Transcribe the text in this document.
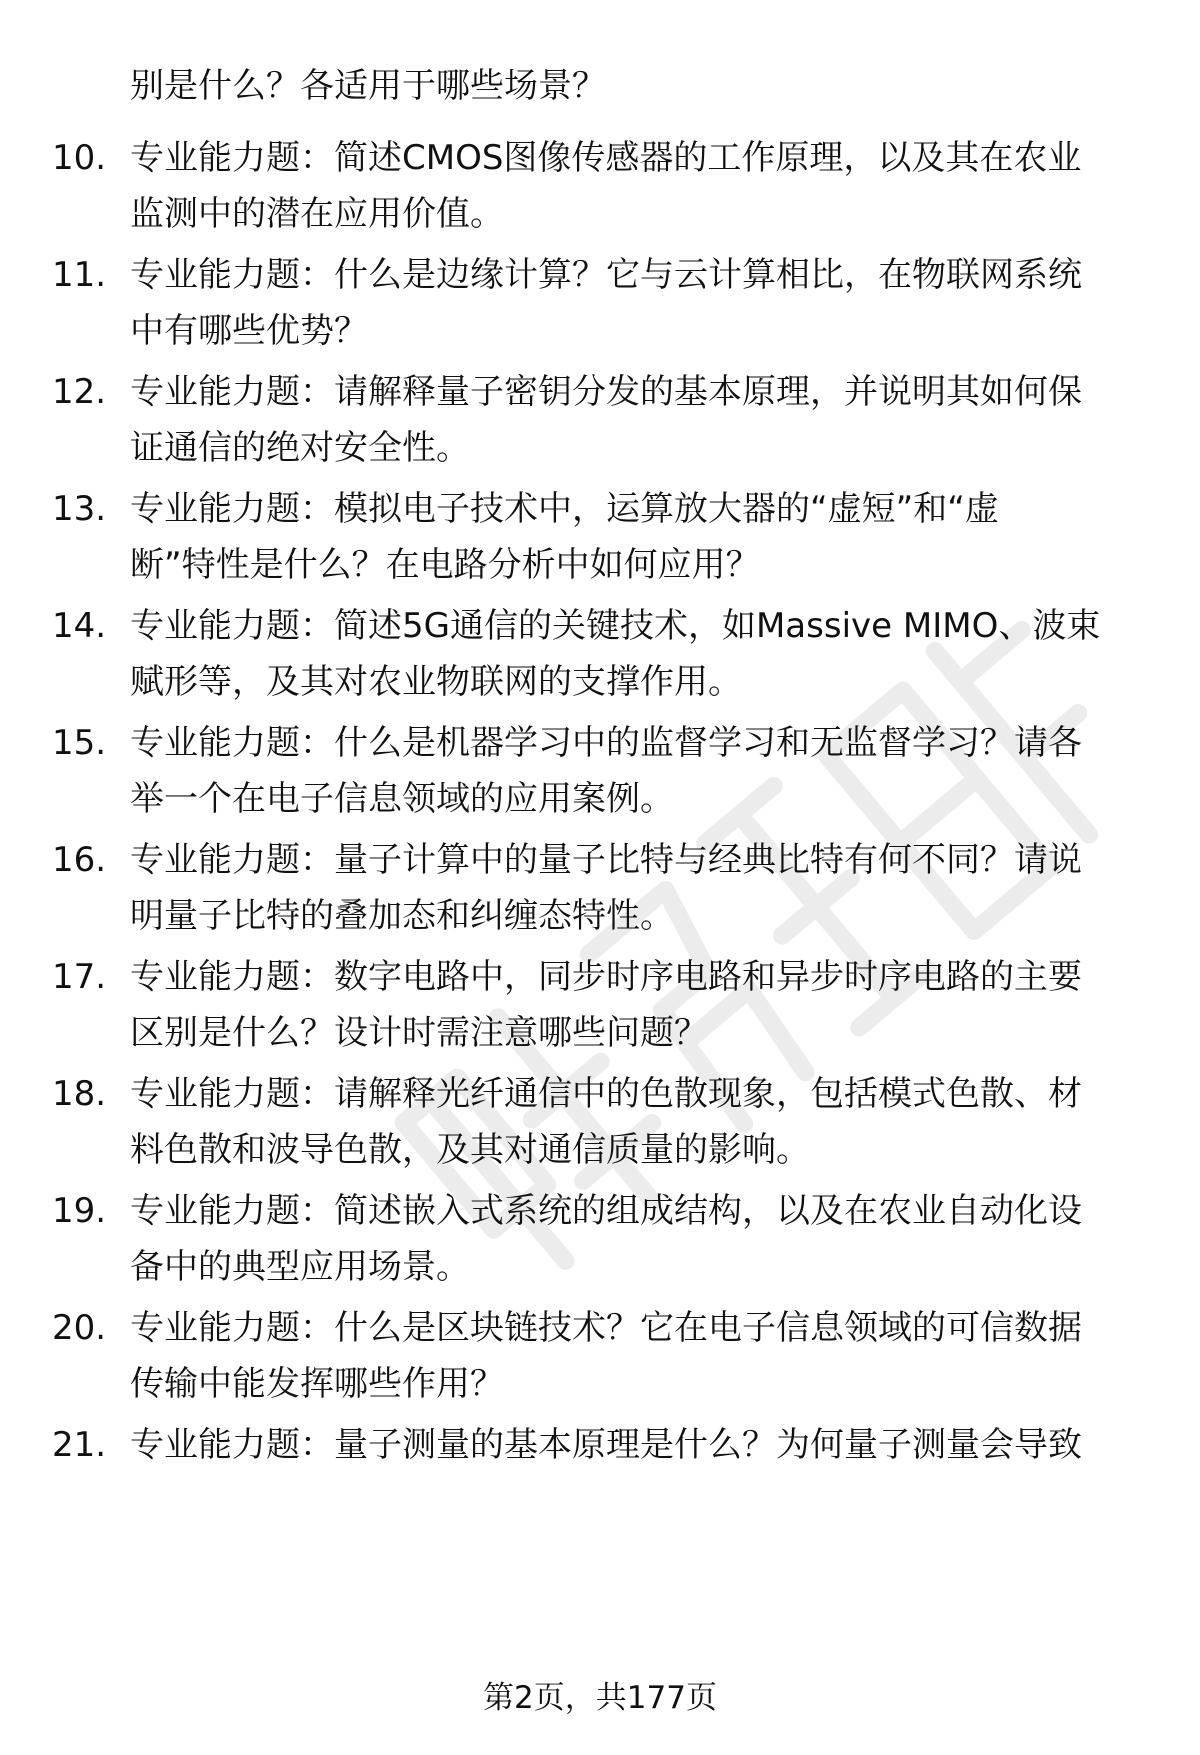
别是什么？各适用于哪些场景？
10. 专业能力题：简述CMOS图像传感器的工作原理，以及其在农业
监测中的潜在应用价值。
11. 专业能力题：什么是边缘计算？它与云计算相比，在物联网系统
中有哪些优势？
12. 专业能力题：请解释量子密钥分发的基本原理，并说明其如何保
证通信的绝对安全性。
13. 专业能力题：模拟电子技术中，运算放大器的“虚短”和“虚
断”特性是什么？在电路分析中如何应用？
14. 专业能力题：简述5G通信的关键技术，如Massive MIMO、波束
赋形等，及其对农业物联网的支撑作用。
15. 专业能力题：什么是机器学习中的监督学习和无监督学习？请各
举一个在电子信息领域的应用案例。
16. 专业能力题：量子计算中的量子比特与经典比特有何不同？请说
明量子比特的叠加态和纠缠态特性。
17. 专业能力题：数字电路中，同步时序电路和异步时序电路的主要
区别是什么？设计时需注意哪些问题？
18. 专业能力题：请解释光纤通信中的色散现象，包括模式色散、材
料色散和波导色散，及其对通信质量的影响。
19. 专业能力题：简述嵌入式系统的组成结构，以及在农业自动化设
备中的典型应用场景。
20. 专业能力题：什么是区块链技术？它在电子信息领域的可信数据
传输中能发挥哪些作用？
21. 专业能力题：量子测量的基本原理是什么？为何量子测量会导致
第2页，共177页
